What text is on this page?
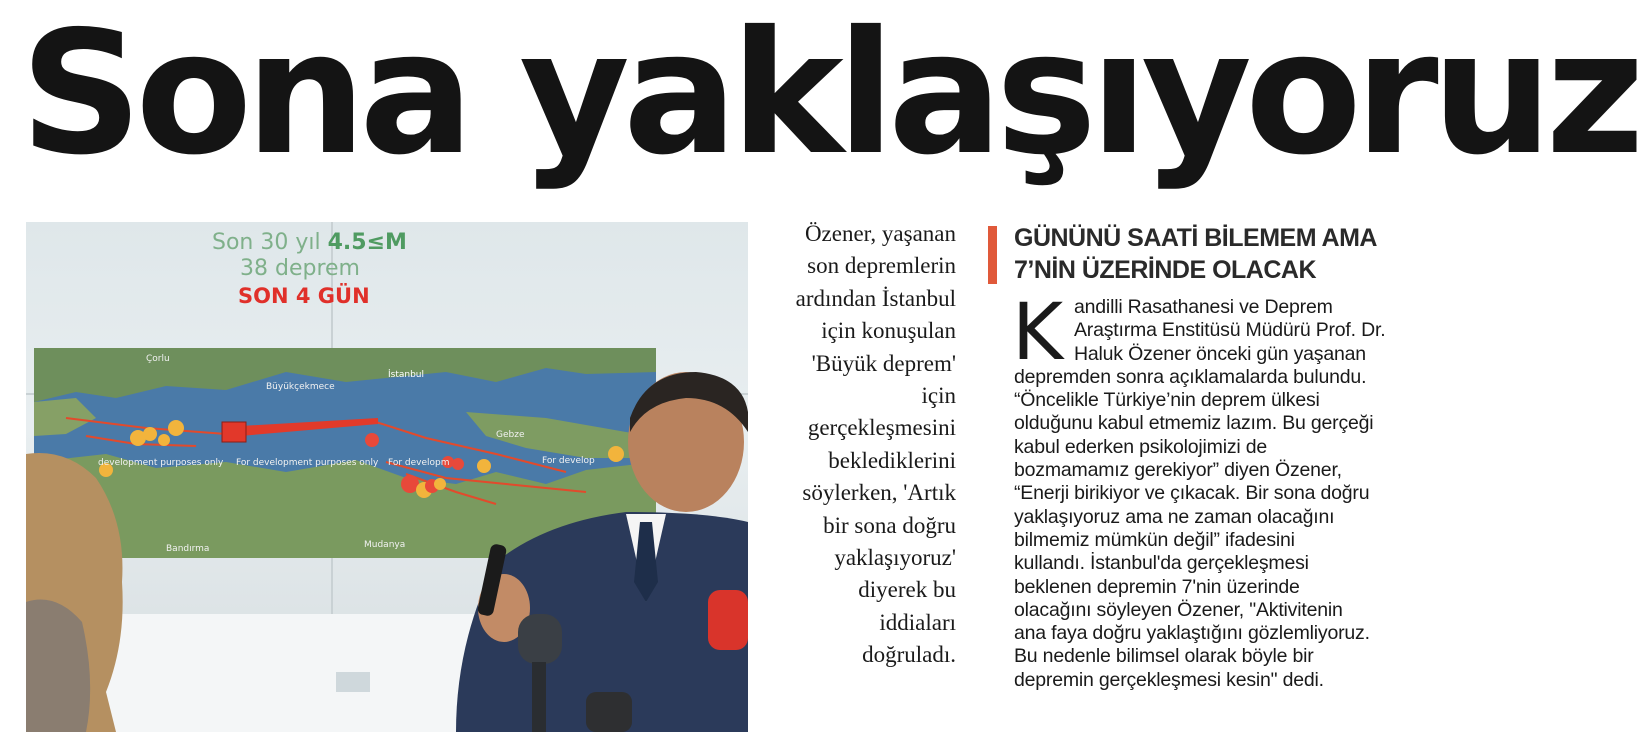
Sona yaklaşıyoruz
Son 30 yıl 4.5≤M
38 deprem
SON 4 GÜN
development purposes only For development purposes only For developm	For develop
İstanbul
Gebze
Mudanya
Bandırma
Büyükçekmece
Çorlu

Özener, yaşanan

son depremlerin

ardından İstanbul

için konuşulan

'Büyük deprem'

için

gerçekleşmesini

beklediklerini

söylerken, 'Artık

bir sona doğru

yaklaşıyoruz'

diyerek bu

iddiaları

doğruladı.

GÜNÜNÜ SAATİ BİLEMEM AMA
7’NİN ÜZERİNDE OLACAK
K andilli Rasathanesi ve Deprem
Araştırma Enstitüsü Müdürü Prof. Dr.
Haluk Özener önceki gün yaşanan
depremden sonra açıklamalarda bulundu.
“Öncelikle Türkiye’nin deprem ülkesi
olduğunu kabul etmemiz lazım. Bu gerçeği
kabul ederken psikolojimizi de
bozmamamız gerekiyor” diyen Özener,
“Enerji birikiyor ve çıkacak. Bir sona doğru
yaklaşıyoruz ama ne zaman olacağını
bilmemiz mümkün değil” ifadesini
kullandı. İstanbul'da gerçekleşmesi
beklenen depremin 7'nin üzerinde
olacağını söyleyen Özener, "Aktivitenin
ana faya doğru yaklaştığını gözlemliyoruz.
Bu nedenle bilimsel olarak böyle bir
depremin gerçekleşmesi kesin" dedi.
